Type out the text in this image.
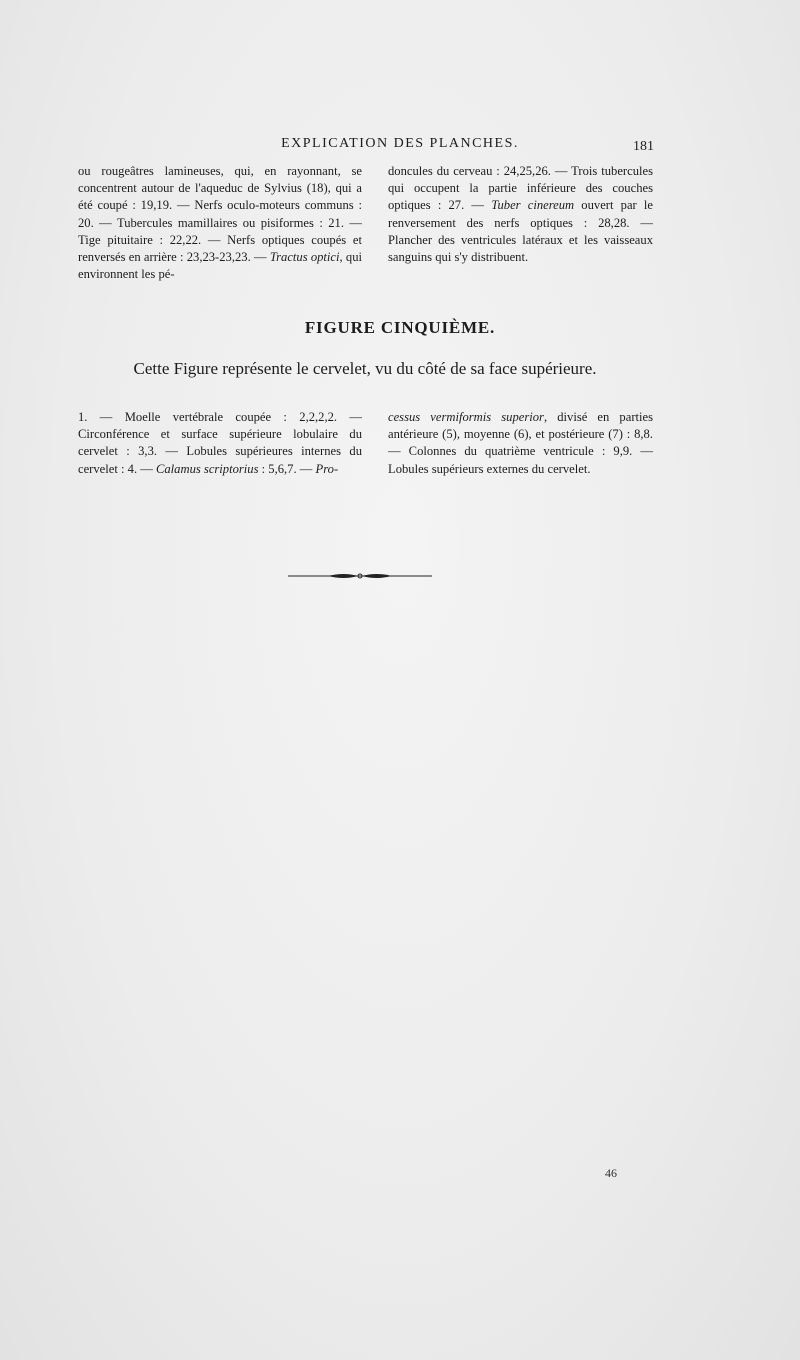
EXPLICATION DES PLANCHES.	181

ou rougeâtres lamineuses, qui, en rayonnant, se concentrent autour de l'aqueduc de Sylvius (18), qui a été coupé : 19,19. — Nerfs oculo-moteurs communs : 20. — Tubercules mamillaires ou pisiformes : 21. — Tige pituitaire : 22,22. — Nerfs optiques coupés et renversés en arrière : 23,23-23,23. — Tractus optici, qui environnent les pé-

doncules du cerveau : 24,25,26. — Trois tubercules qui occupent la partie inférieure des couches optiques : 27. — Tuber cinereum ouvert par le renversement des nerfs optiques : 28,28. — Plancher des ventricules latéraux et les vaisseaux sanguins qui s'y distribuent.

FIGURE CINQUIÈME.
Cette Figure représente le cervelet, vu du côté de sa face supérieure.

1. — Moelle vertébrale coupée : 2,2,2,2. — Circonférence et surface supérieure lobulaire du cervelet : 3,3. — Lobules supérieures internes du cervelet : 4. — Calamus scriptorius : 5,6,7. — Pro-

cessus vermiformis superior, divisé en parties antérieure (5), moyenne (6), et postérieure (7) : 8,8. — Colonnes du quatrième ventricule : 9,9. — Lobules supérieurs externes du cervelet.

46
